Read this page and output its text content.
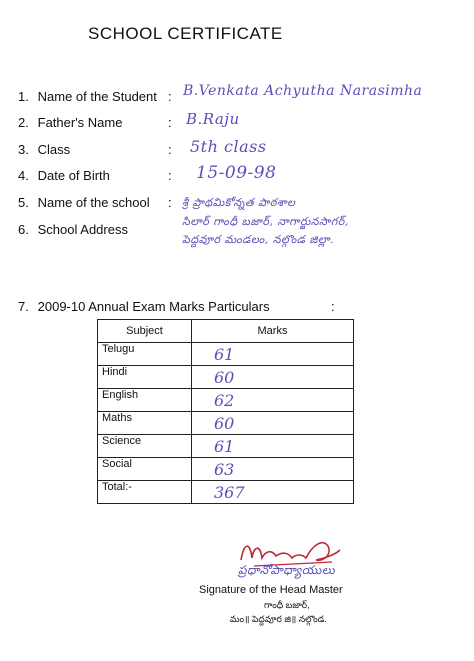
SCHOOL CERTIFICATE
1. Name of the Student : B.Venkata Achyutha Narasimha
2. Father's Name	: B.Raju
3. Class	: 5th class
4. Date of Birth	: 15-09-98
5. Name of the school : శ్రీ ప్రాథమికోన్నత పాఠశాల
6. School Address
సిలార్ గాంధీ బజార్, నాగార్జునసాగర్,
పెద్దవూర మండలం, నల్గొండ జిల్లా.
7. 2009-10 Annual Exam Marks Particulars	:
Subject	Marks
Telugu	61
Hindi	60
English	62
Maths	60
Science	61
Social	63
Total:-	367
ప్రధానోపాధ్యాయులు
Signature of the Head Master
గాంధీ బజార్,
మం॥ పెద్దవూర జి॥ నల్గొండ.
